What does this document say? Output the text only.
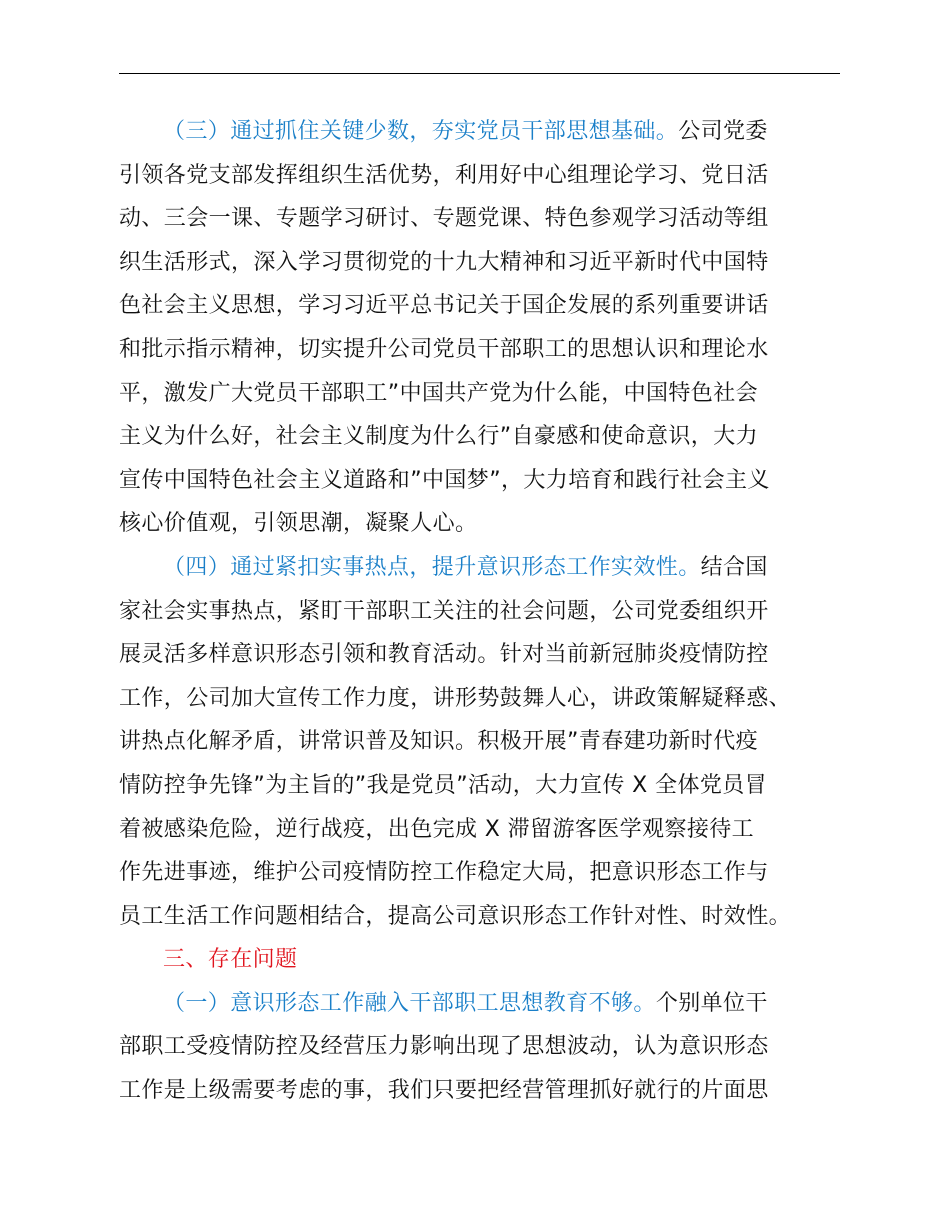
（三）通过抓住关键少数，夯实党员干部思想基础。公司党委
引领各党支部发挥组织生活优势，利用好中心组理论学习、党日活
动、三会一课、专题学习研讨、专题党课、特色参观学习活动等组
织生活形式，深入学习贯彻党的十九大精神和习近平新时代中国特
色社会主义思想，学习习近平总书记关于国企发展的系列重要讲话
和批示指示精神，切实提升公司党员干部职工的思想认识和理论水
平，激发广大党员干部职工”中国共产党为什么能，中国特色社会
主义为什么好，社会主义制度为什么行”自豪感和使命意识，大力
宣传中国特色社会主义道路和”中国梦”，大力培育和践行社会主义
核心价值观，引领思潮，凝聚人心。
（四）通过紧扣实事热点，提升意识形态工作实效性。结合国
家社会实事热点，紧盯干部职工关注的社会问题，公司党委组织开
展灵活多样意识形态引领和教育活动。针对当前新冠肺炎疫情防控
工作，公司加大宣传工作力度，讲形势鼓舞人心，讲政策解疑释惑、
讲热点化解矛盾，讲常识普及知识。积极开展”青春建功新时代疫
情防控争先锋”为主旨的”我是党员”活动，大力宣传 X 全体党员冒
着被感染危险，逆行战疫，出色完成 X 滞留游客医学观察接待工
作先进事迹，维护公司疫情防控工作稳定大局，把意识形态工作与
员工生活工作问题相结合，提高公司意识形态工作针对性、时效性。
三、存在问题
（一）意识形态工作融入干部职工思想教育不够。个别单位干
部职工受疫情防控及经营压力影响出现了思想波动，认为意识形态
工作是上级需要考虑的事，我们只要把经营管理抓好就行的片面思
